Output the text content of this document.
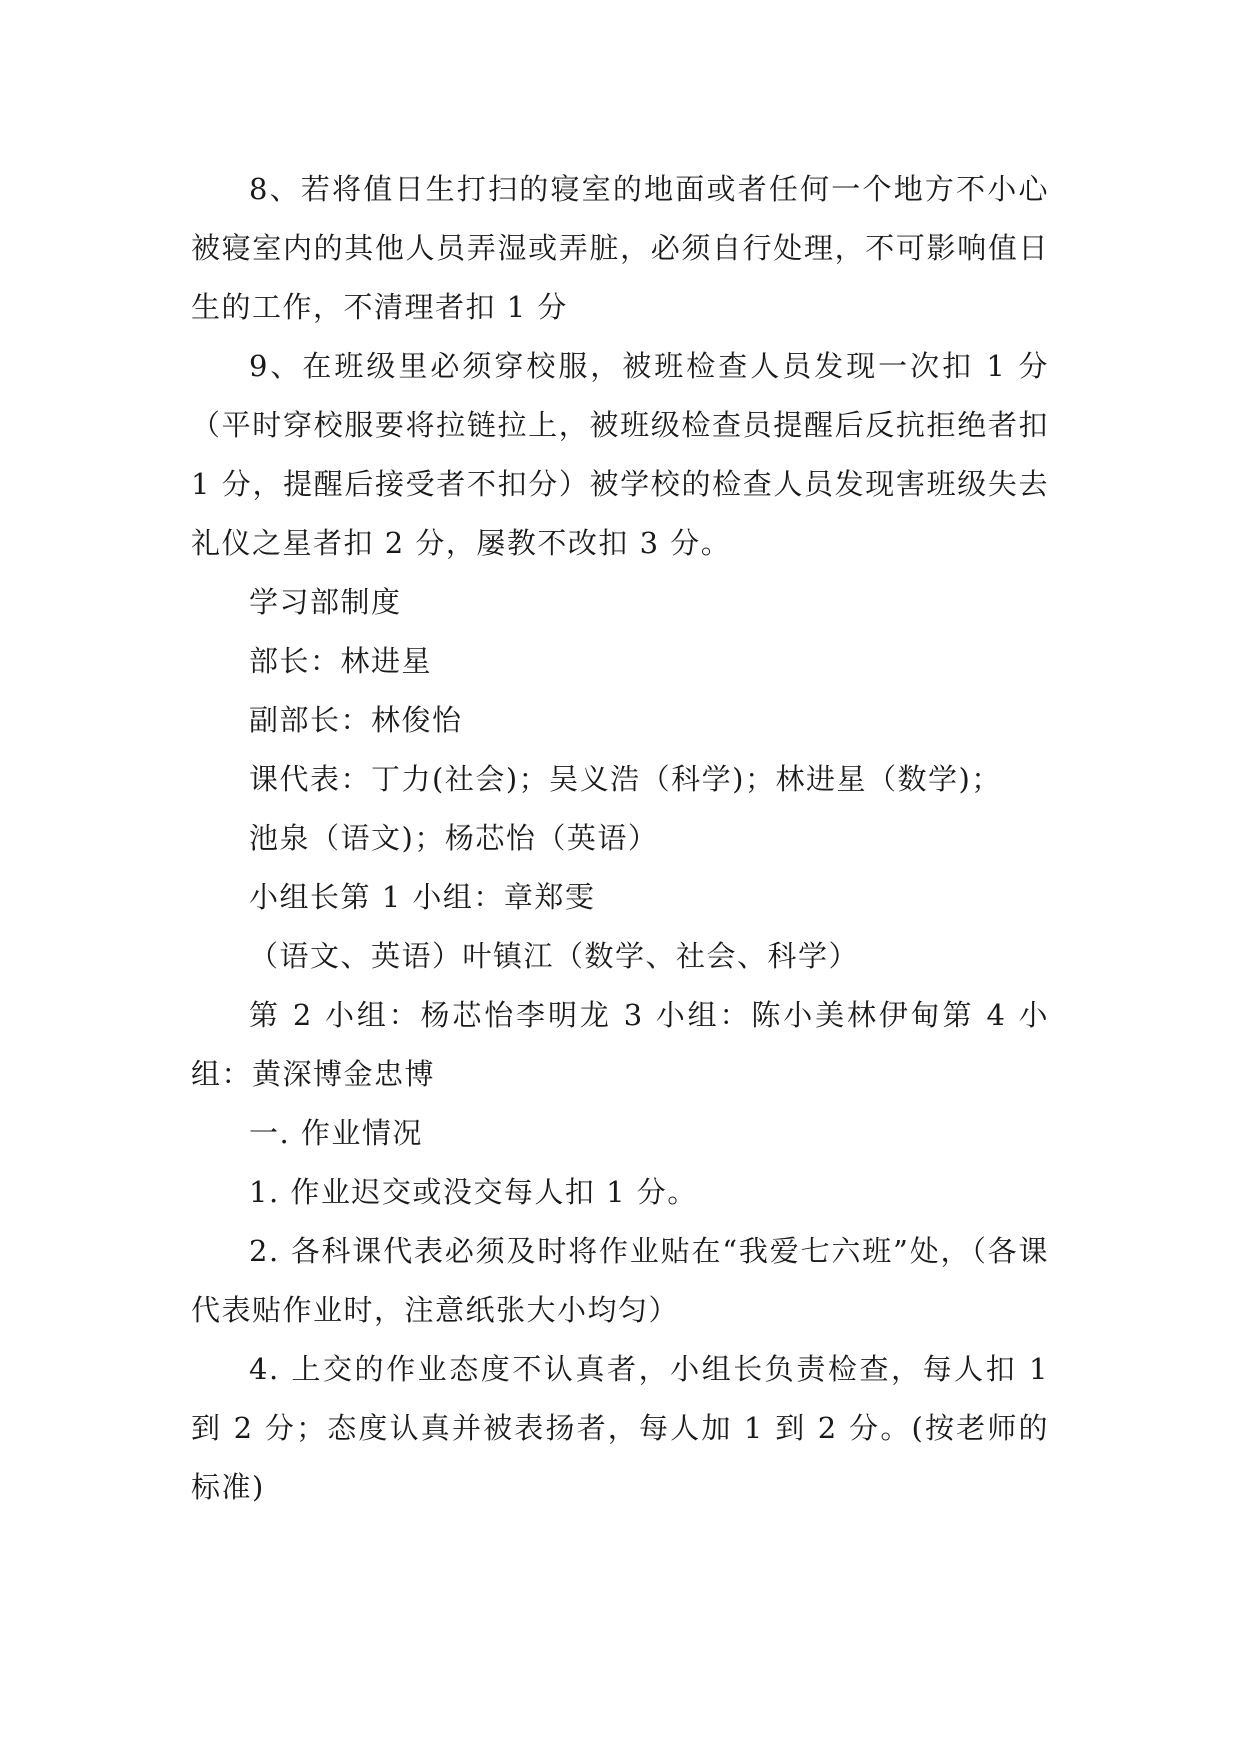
8、若将值日生打扫的寝室的地面或者任何一个地方不小心被寝室内的其他人员弄湿或弄脏，必须自行处理，不可影响值日生的工作，不清理者扣 1 分

9、在班级里必须穿校服，被班检查人员发现一次扣 1 分（平时穿校服要将拉链拉上，被班级检查员提醒后反抗拒绝者扣 1 分，提醒后接受者不扣分）被学校的检查人员发现害班级失去礼仪之星者扣 2 分，屡教不改扣 3 分。

学习部制度

部长：林进星

副部长：林俊怡

课代表：丁力(社会)；吴义浩（科学)；林进星（数学)；

池泉（语文)；杨芯怡（英语）

小组长第 1 小组：章郑雯

（语文、英语）叶镇江（数学、社会、科学）

第 2 小组：杨芯怡李明龙 3 小组：陈小美林伊甸第 4 小组：黄深博金忠博

一. 作业情况

1. 作业迟交或没交每人扣 1 分。

2. 各科课代表必须及时将作业贴在“我爱七六班”处，（各课代表贴作业时，注意纸张大小均匀）

4. 上交的作业态度不认真者，小组长负责检查，每人扣 1 到 2 分；态度认真并被表扬者，每人加 1 到 2 分。(按老师的标准)
